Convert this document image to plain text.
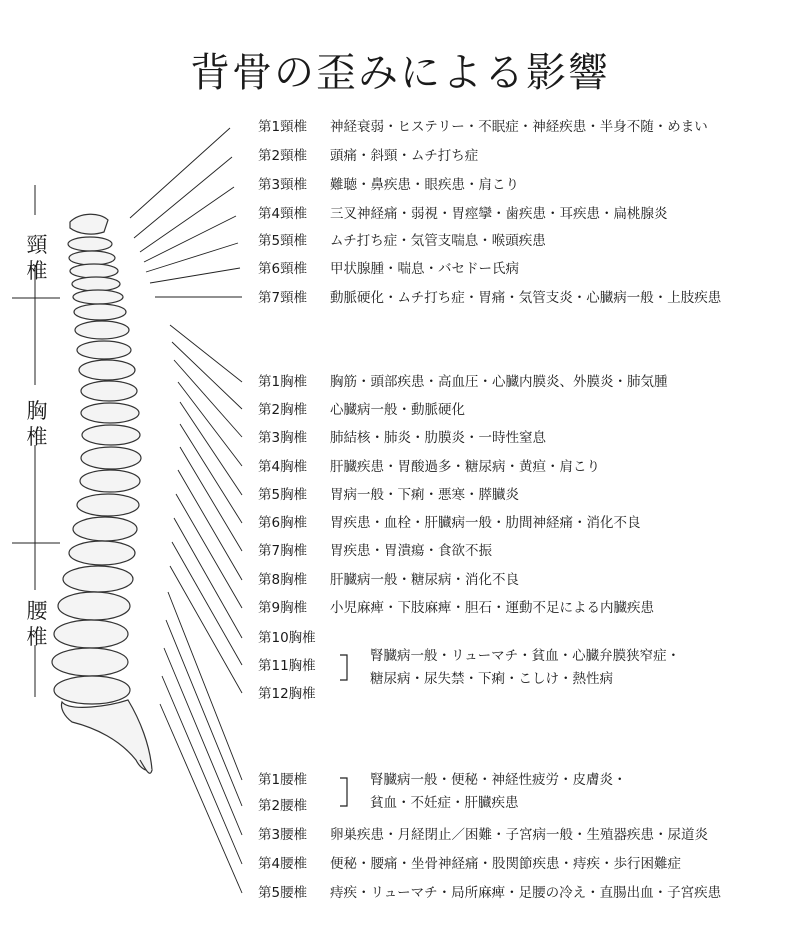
背骨の歪みによる影響
頸
椎
胸
椎
腰
椎
第1頸椎 神経衰弱・ヒステリー・不眠症・神経疾患・半身不随・めまい
第2頸椎 頭痛・斜頸・ムチ打ち症
第3頸椎 難聴・鼻疾患・眼疾患・肩こり
第4頸椎 三叉神経痛・弱視・胃痙攣・歯疾患・耳疾患・扁桃腺炎
第5頸椎 ムチ打ち症・気管支喘息・喉頭疾患
第6頸椎 甲状腺腫・喘息・バセドー氏病
第7頸椎 動脈硬化・ムチ打ち症・胃痛・気管支炎・心臓病一般・上肢疾患
第1胸椎 胸筋・頭部疾患・高血圧・心臓内膜炎、外膜炎・肺気腫
第2胸椎 心臓病一般・動脈硬化
第3胸椎 肺結核・肺炎・肋膜炎・一時性窒息
第4胸椎 肝臓疾患・胃酸過多・糖尿病・黄疸・肩こり
第5胸椎 胃病一般・下痢・悪寒・膵臓炎
第6胸椎 胃疾患・血栓・肝臓病一般・肋間神経痛・消化不良
第7胸椎 胃疾患・胃潰瘍・食欲不振
第8胸椎 肝臓病一般・糖尿病・消化不良
第9胸椎 小児麻痺・下肢麻痺・胆石・運動不足による内臓疾患
第10胸椎
第11胸椎
第12胸椎
腎臓病一般・リューマチ・貧血・心臓弁膜狭窄症・
糖尿病・尿失禁・下痢・こしけ・熱性病
第1腰椎
第2腰椎
腎臓病一般・便秘・神経性疲労・皮膚炎・
貧血・不妊症・肝臓疾患
第3腰椎 卵巣疾患・月経閉止／困難・子宮病一般・生殖器疾患・尿道炎
第4腰椎 便秘・腰痛・坐骨神経痛・股関節疾患・痔疾・歩行困難症
第5腰椎 痔疾・リューマチ・局所麻痺・足腰の冷え・直腸出血・子宮疾患
